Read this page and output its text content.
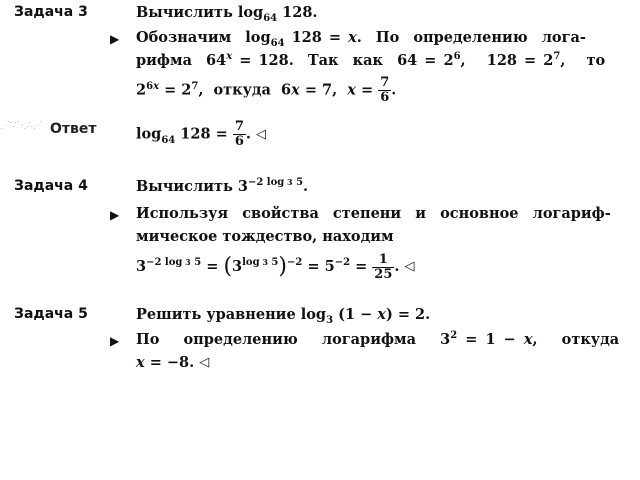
Задача 3	Вычислить $\log_{64} 128$.
▶ Обозначим  $\log_{64} 128 = x$.  По  определению  лога-
рифма  $64^x = 128$.  Так  как  $64 = 2^6$,   $128 = 2^7$,   то
$2^{6x} = 2^7$,  откуда  6x = 7,  $x = \frac{7}{6}$ .
⋰∵⋱∴⋰ Ответ	$\log_{64} 128 = \frac{7}{6}$ . ◁
Задача 4	Вычислить $3^{-2 log 3 5}$.
▶ Используя  свойства  степени  и  основное  логариф-
мическое тождество, находим
$3^{-2 log 3 5} = (3^{log 3 5})^{-2} = 5^{-2} = \frac{1}{25}$ . ◁
Задача 5	Решить уравнение $\log_3 (1 - x) = 2$.
▶ По   определению   логарифма   $3^2 = 1 - x$,   откуда
x = −8. ◁
